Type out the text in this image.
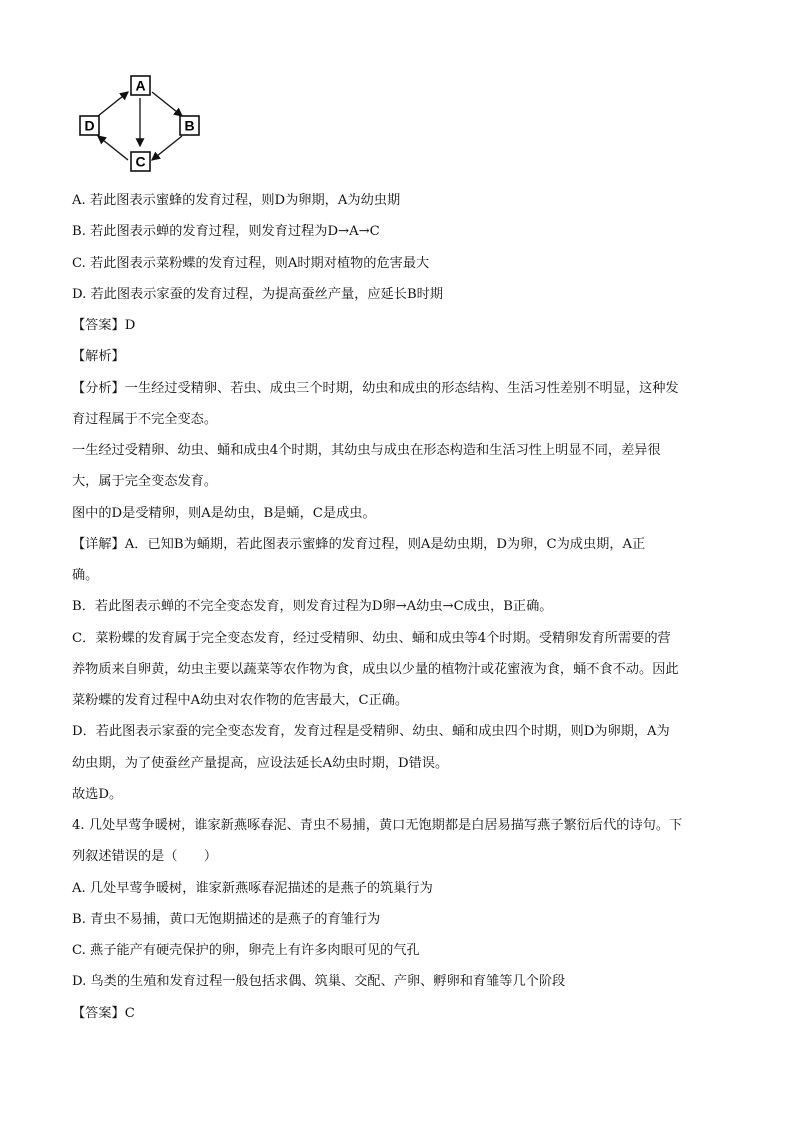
A
B
C
D
A. 若此图表示蜜蜂的发育过程，则D为卵期，A为幼虫期
B. 若此图表示蝉的发育过程，则发育过程为D→A→C
C. 若此图表示菜粉蝶的发育过程，则A时期对植物的危害最大
D. 若此图表示家蚕的发育过程，为提高蚕丝产量，应延长B时期
【答案】D
【解析】
【分析】一生经过受精卵、若虫、成虫三个时期，幼虫和成虫的形态结构、生活习性差别不明显，这种发
育过程属于不完全变态。
一生经过受精卵、幼虫、蛹和成虫4个时期，其幼虫与成虫在形态构造和生活习性上明显不同，差异很
大，属于完全变态发育。
图中的D是受精卵，则A是幼虫，B是蛹，C是成虫。
【详解】A．已知B为蛹期，若此图表示蜜蜂的发育过程，则A是幼虫期，D为卵，C为成虫期，A正
确。
B．若此图表示蝉的不完全变态发育，则发育过程为D卵→A幼虫→C成虫，B正确。
C．菜粉蝶的发育属于完全变态发育，经过受精卵、幼虫、蛹和成虫等4个时期。受精卵发育所需要的营
养物质来自卵黄，幼虫主要以蔬菜等农作物为食，成虫以少量的植物汁或花蜜液为食，蛹不食不动。因此
菜粉蝶的发育过程中A幼虫对农作物的危害最大，C正确。
D．若此图表示家蚕的完全变态发育，发育过程是受精卵、幼虫、蛹和成虫四个时期，则D为卵期，A为
幼虫期，为了使蚕丝产量提高，应设法延长A幼虫时期，D错误。
故选D。
4. 几处早莺争暖树，谁家新燕啄春泥、青虫不易捕，黄口无饱期都是白居易描写燕子繁衍后代的诗句。下
列叙述错误的是（　　）
A. 几处早莺争暖树，谁家新燕啄春泥描述的是燕子的筑巢行为
B. 青虫不易捕，黄口无饱期描述的是燕子的育雏行为
C. 燕子能产有硬壳保护的卵，卵壳上有许多肉眼可见的气孔
D. 鸟类的生殖和发育过程一般包括求偶、筑巢、交配、产卵、孵卵和育雏等几个阶段
【答案】C
